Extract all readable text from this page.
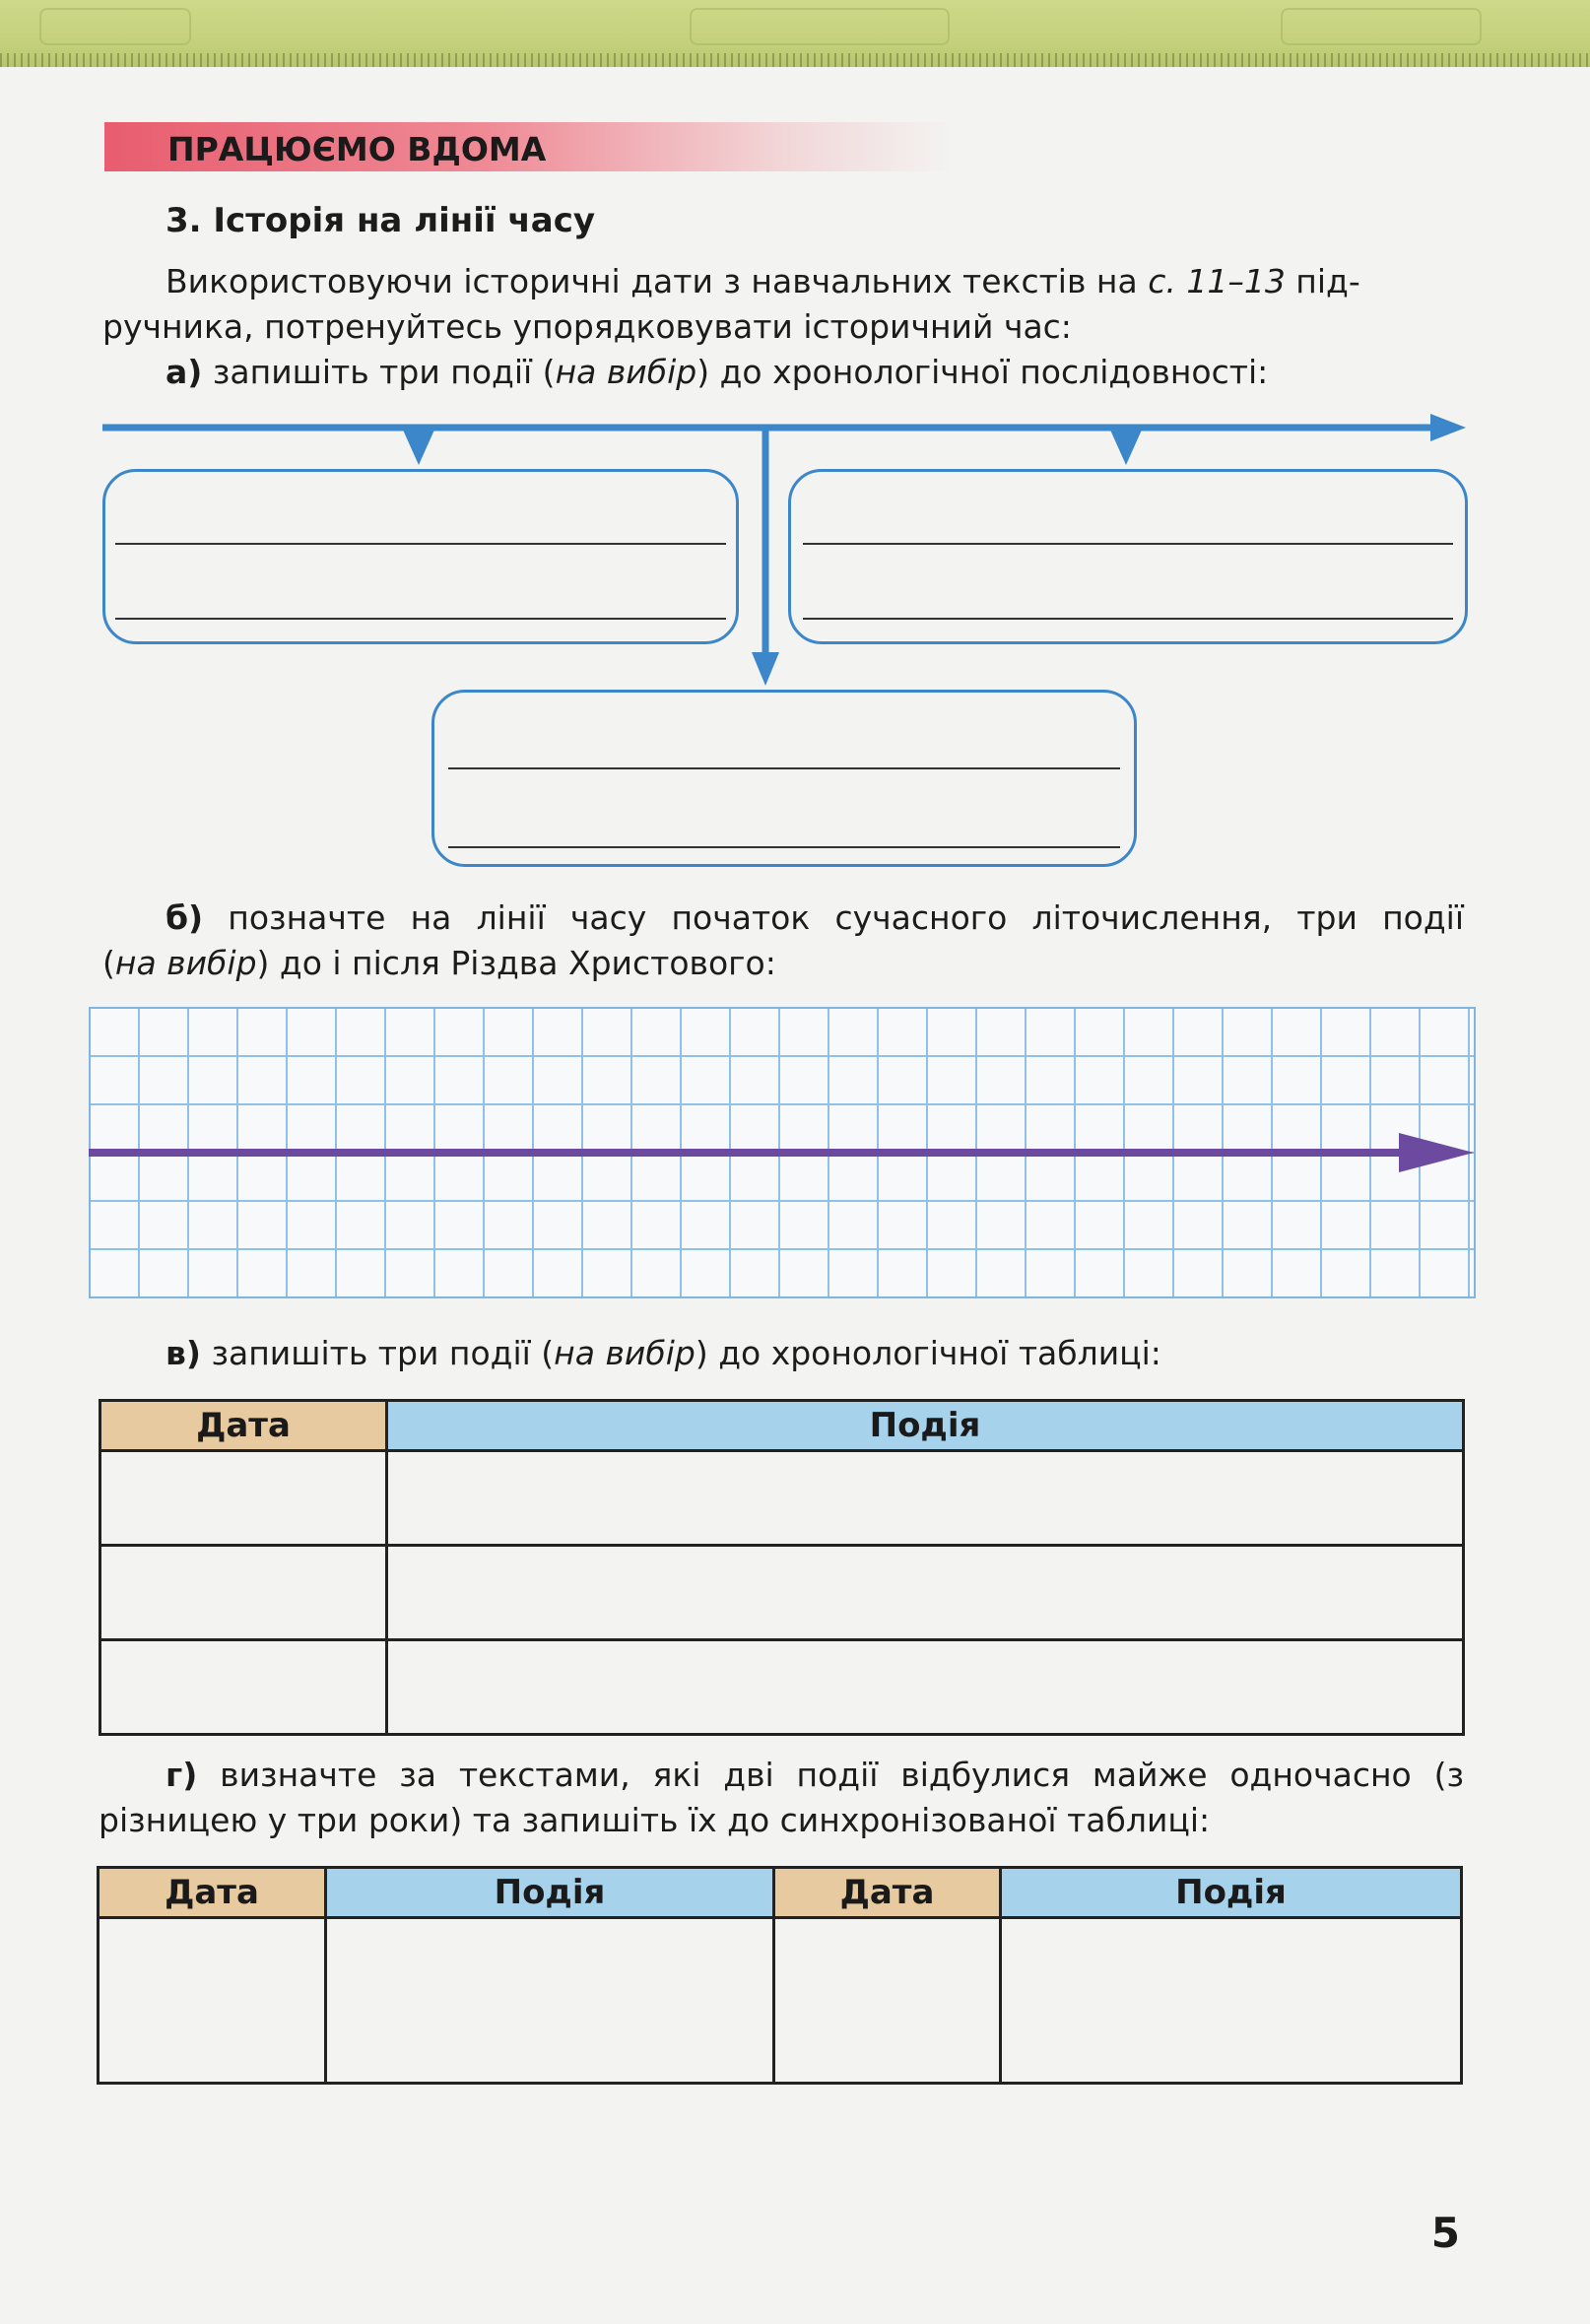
ПРАЦЮЄМО ВДОМА
3. Історія на лінії часу
Використовуючи історичні дати з навчальних текстів на с. 11–13 під-
ручника, потренуйтесь упорядковувати історичний час:
а) запишіть три події (на вибір) до хронологічної послідовності:
б) позначте на лінії часу початок сучасного літочислення, три події
(на вибір) до і після Різдва Христового:
в) запишіть три події (на вибір) до хронологічної таблиці:
Дата	Подія

г) визначте за текстами, які дві події відбулися майже одночасно (з
різницею у три роки) та запишіть їх до синхронізованої таблиці:
Дата	Подія	Дата	Подія

5
